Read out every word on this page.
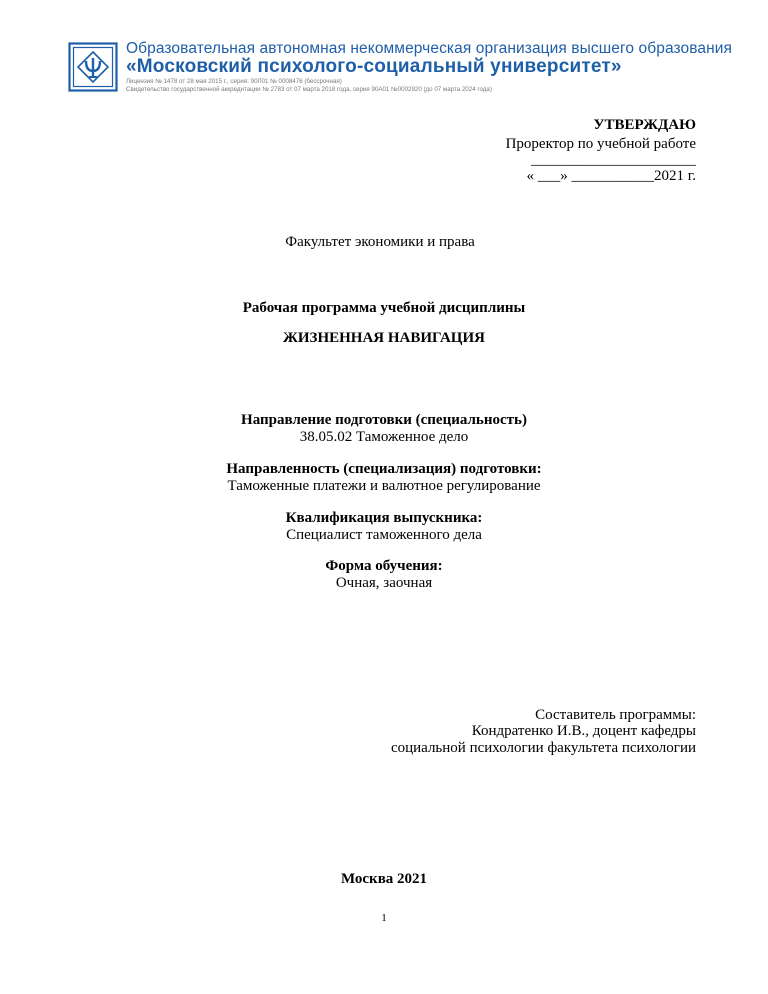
Образовательная автономная некоммерческая организация высшего образования
«Московский психолого-социальный университет»
Лицензия № 1478 от 28 мая 2015 г., серия: 90Л01 № 0008476 (бессрочная)
Свидетельство государственной аккредитации № 2783 от 07 марта 2018 года, серия 90А01 №0002920 (до 07 марта 2024 года)
УТВЕРЖДАЮ
Проректор по учебной работе
______________________
« ___» ___________2021 г.
Факультет экономики и права
Рабочая программа учебной дисциплины
ЖИЗНЕННАЯ НАВИГАЦИЯ
Направление подготовки (специальность)
38.05.02 Таможенное дело
Направленность (специализация) подготовки:
Таможенные платежи и валютное регулирование
Квалификация выпускника:
Специалист таможенного дела
Форма обучения:
Очная, заочная
Составитель программы:
Кондратенко И.В., доцент кафедры
социальной психологии факультета психологии
Москва 2021
1
